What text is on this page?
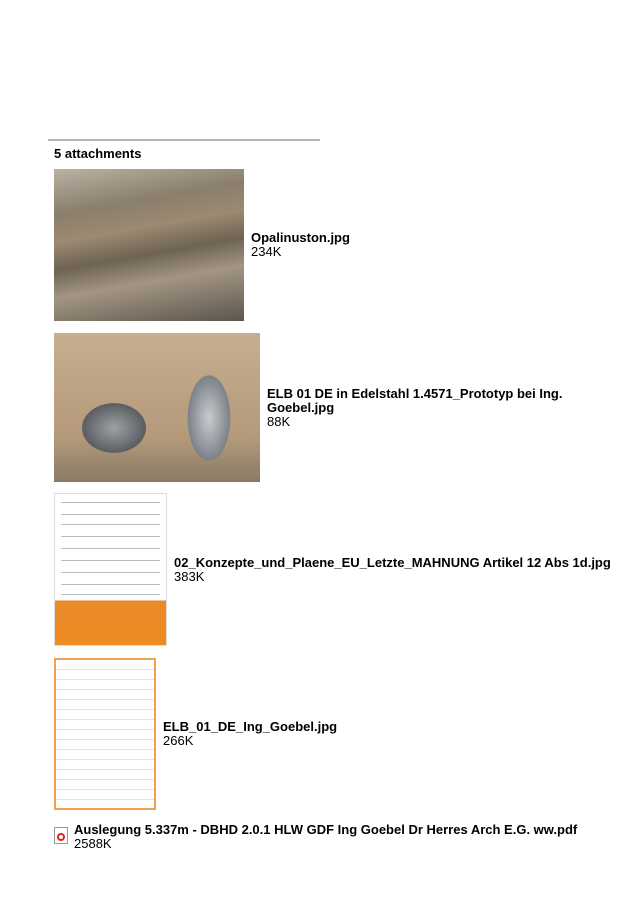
5 attachments
Opalinuston.jpg
234K
ELB 01 DE in Edelstahl 1.4571_Prototyp bei Ing. Goebel.jpg
88K
02_Konzepte_und_Plaene_EU_Letzte_MAHNUNG Artikel 12 Abs 1d.jpg
383K
ELB_01_DE_Ing_Goebel.jpg
266K
Auslegung 5.337m - DBHD 2.0.1 HLW GDF Ing Goebel Dr Herres Arch E.G. ww.pdf
2588K
